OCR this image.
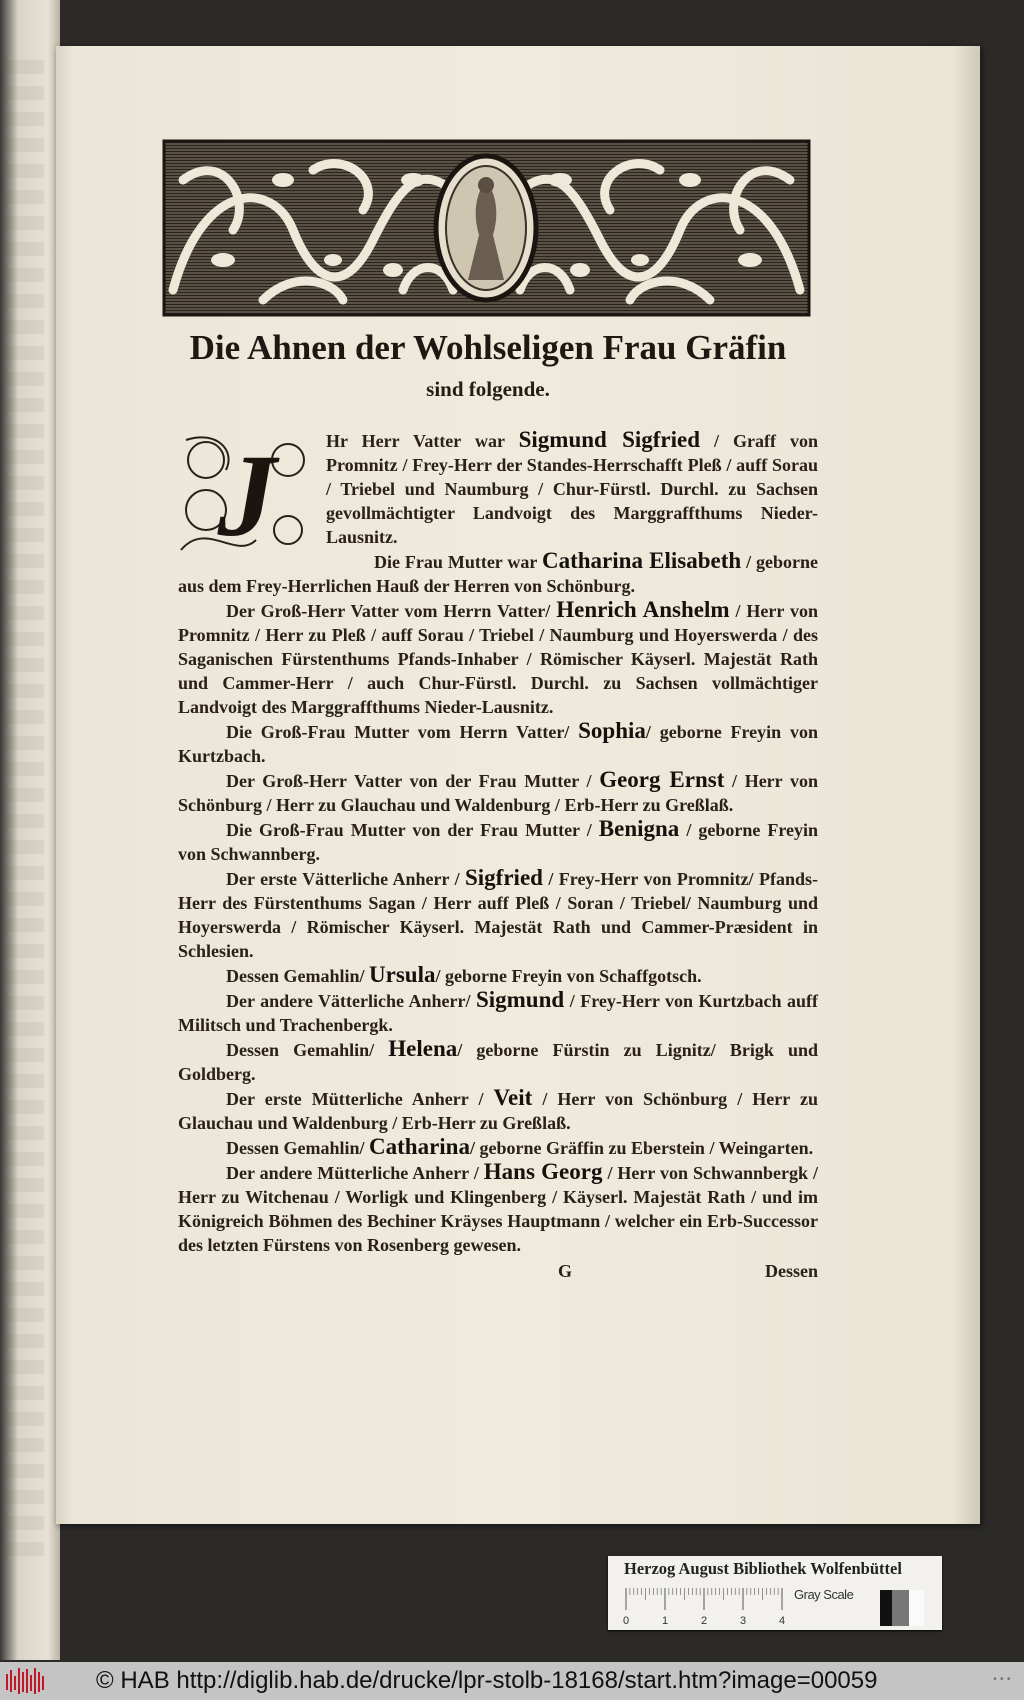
Die Ahnen der Wohlseligen Frau Gräfin
sind folgende.
J	Hr Herr Vatter war Sigmund Sigfried / Graff von Promnitz / Frey-Herr der Standes-Herrschafft Pleß / auff Sorau / Triebel und Naumburg / Chur-Fürstl. Durchl. zu Sachsen gevollmächtigter Landvoigt des Marggraffthums Nieder-Lausnitz.

Die Frau Mutter war Catharina Elisabeth / geborne aus dem Frey-Herrlichen Hauß der Herren von Schönburg.

Der Groß-Herr Vatter vom Herrn Vatter/ Henrich Anshelm / Herr von Promnitz / Herr zu Pleß / auff Sorau / Triebel / Naumburg und Hoyerswerda / des Saganischen Fürstenthums Pfands-Inhaber / Römischer Käyserl. Majestät Rath und Cammer-Herr / auch Chur-Fürstl. Durchl. zu Sachsen vollmächtiger Landvoigt des Marggraffthums Nieder-Lausnitz.

Die Groß-Frau Mutter vom Herrn Vatter/ Sophia/ geborne Freyin von Kurtzbach.

Der Groß-Herr Vatter von der Frau Mutter / Georg Ernst / Herr von Schönburg / Herr zu Glauchau und Waldenburg / Erb-Herr zu Greßlaß.

Die Groß-Frau Mutter von der Frau Mutter / Benigna / geborne Freyin von Schwannberg.

Der erste Vätterliche Anherr / Sigfried / Frey-Herr von Promnitz/ Pfands-Herr des Fürstenthums Sagan / Herr auff Pleß / Soran / Triebel/ Naumburg und Hoyerswerda / Römischer Käyserl. Majestät Rath und Cammer-Præsident in Schlesien.

Dessen Gemahlin/ Ursula/ geborne Freyin von Schaffgotsch.

Der andere Vätterliche Anherr/ Sigmund / Frey-Herr von Kurtzbach auff Militsch und Trachenbergk.

Dessen Gemahlin/ Helena/ geborne Fürstin zu Lignitz/ Brigk und Goldberg.

Der erste Mütterliche Anherr / Veit / Herr von Schönburg / Herr zu Glauchau und Waldenburg / Erb-Herr zu Greßlaß.

Dessen Gemahlin/ Catharina/ geborne Gräffin zu Eberstein / Weingarten.

Der andere Mütterliche Anherr / Hans Georg / Herr von Schwannbergk / Herr zu Witchenau / Worligk und Klingenberg / Käyserl. Majestät Rath / und im Königreich Böhmen des Bechiner Kräyses Hauptmann / welcher ein Erb-Successor des letzten Fürstens von Rosenberg gewesen.

G	Dessen
Herzog August Bibliothek Wolfenbüttel
0	1	2	3	4
Gray Scale
© HAB http://diglib.hab.de/drucke/lpr-stolb-18168/start.htm?image=00059	•••
